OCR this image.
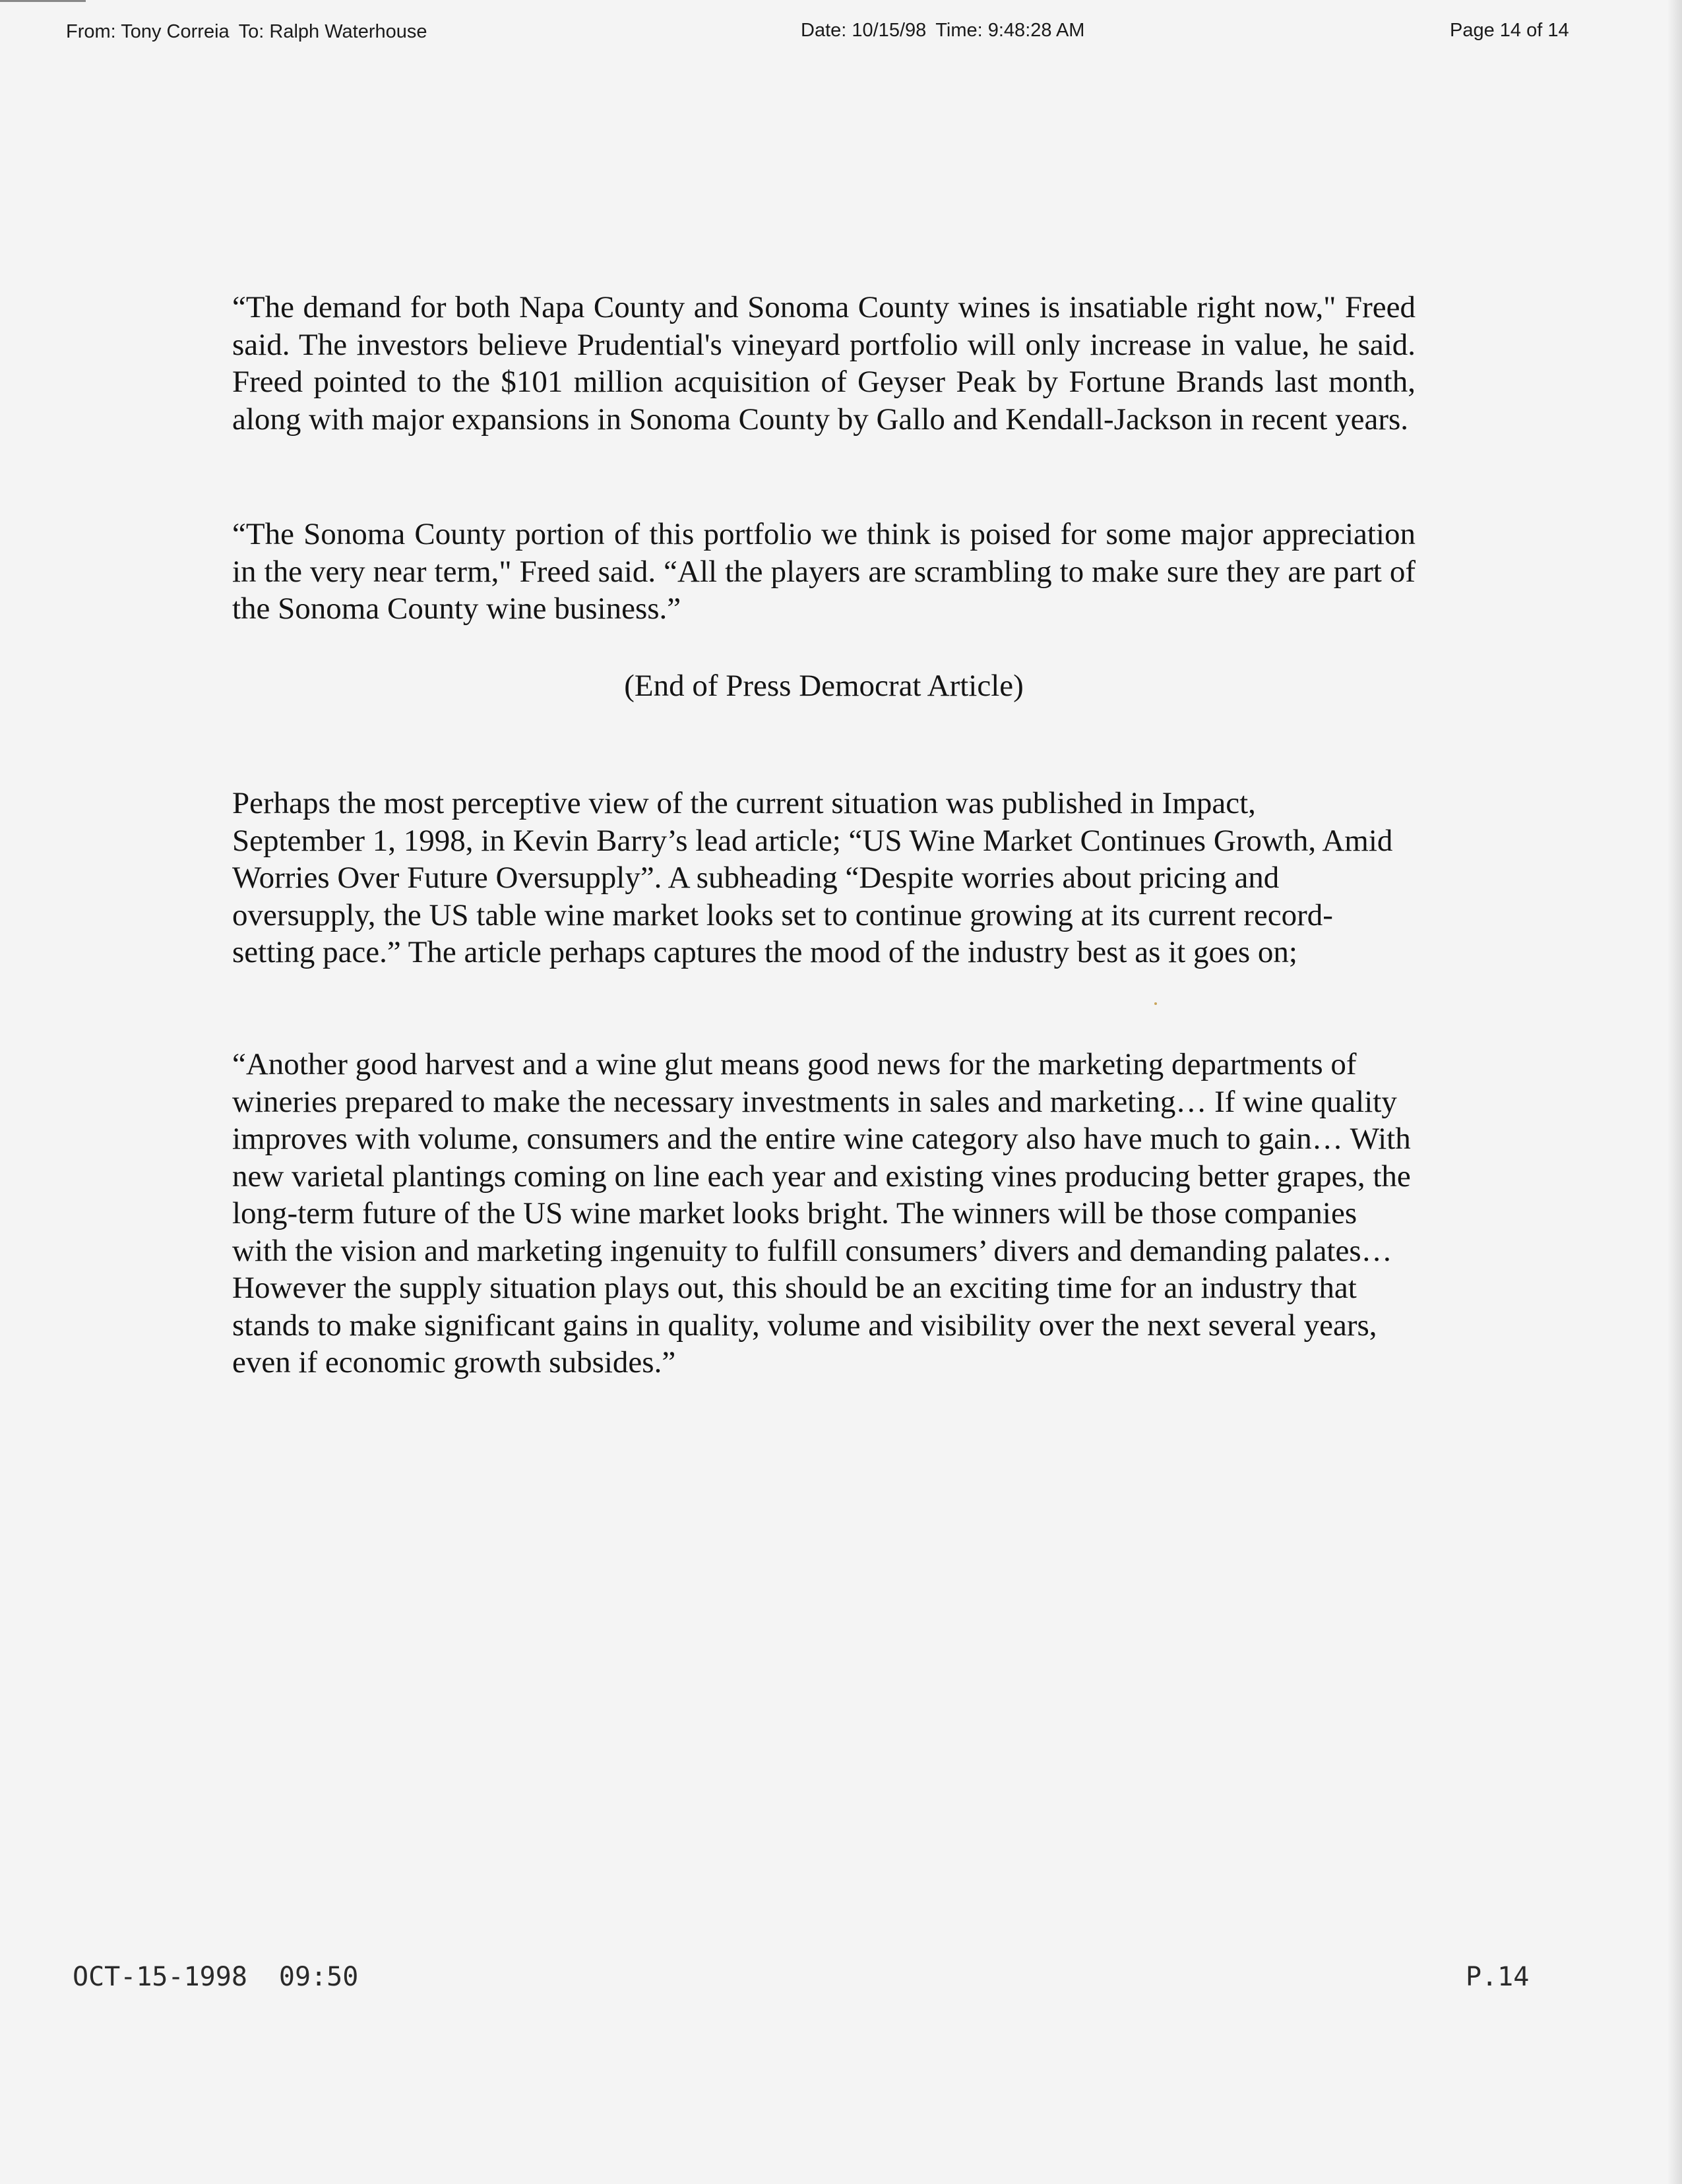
From: Tony Correia To: Ralph Waterhouse	Date: 10/15/98 Time: 9:48:28 AM	Page 14 of 14

“The demand for both Napa County and Sonoma County wines is insatiable right now," Freed said. The investors believe Prudential's vineyard portfolio will only increase in value, he said. Freed pointed to the $101 million acquisition of Geyser Peak by Fortune Brands last month, along with major expansions in Sonoma County by Gallo and Kendall-Jackson in recent years.

“The Sonoma County portion of this portfolio we think is poised for some major appreciation in the very near term," Freed said. “All the players are scrambling to make sure they are part of the Sonoma County wine business.”

(End of Press Democrat Article)

Perhaps the most perceptive view of the current situation was published in Impact, September 1, 1998, in Kevin Barry’s lead article; “US Wine Market Continues Growth, Amid Worries Over Future Oversupply”. A subheading “Despite worries about pricing and oversupply, the US table wine market looks set to continue growing at its current record-setting pace.” The article perhaps captures the mood of the industry best as it goes on;

“Another good harvest and a wine glut means good news for the marketing departments of wineries prepared to make the necessary investments in sales and marketing… If wine quality improves with volume, consumers and the entire wine category also have much to gain… With new varietal plantings coming on line each year and existing vines producing better grapes, the long-term future of the US wine market looks bright. The winners will be those companies with the vision and marketing ingenuity to fulfill consumers’ divers and demanding palates… However the supply situation plays out, this should be an exciting time for an industry that stands to make significant gains in quality, volume and visibility over the next several years, even if economic growth subsides.”

OCT-15-1998 09:50	P.14
